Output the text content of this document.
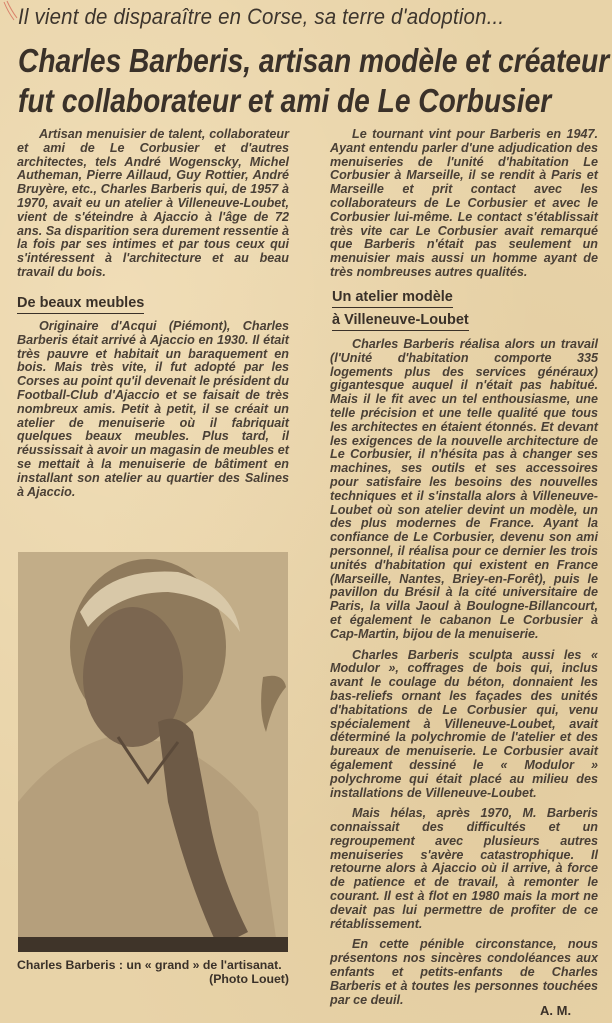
Il vient de disparaître en Corse, sa terre d'adoption...
Charles Barberis, artisan modèle et créateur
fut collaborateur et ami de Le Corbusier

Artisan menuisier de talent, collaborateur et ami de Le Corbusier et d'autres architectes, tels André Wogenscky, Michel Autheman, Pierre Aillaud, Guy Rottier, André Bruyère, etc., Charles Barberis qui, de 1957 à 1970, avait eu un atelier à Villeneuve-Loubet, vient de s'éteindre à Ajaccio à l'âge de 72 ans. Sa disparition sera durement ressentie à la fois par ses intimes et par tous ceux qui s'intéressent à l'architecture et au beau travail du bois.

De beaux meubles

Originaire d'Acqui (Piémont), Charles Barberis était arrivé à Ajaccio en 1930. Il était très pauvre et habitait un baraquement en bois. Mais très vite, il fut adopté par les Corses au point qu'il devenait le président du Football-Club d'Ajaccio et se faisait de très nombreux amis. Petit à petit, il se créait un atelier de menuiserie où il fabriquait quelques beaux meubles. Plus tard, il réussissait à avoir un magasin de meubles et se mettait à la menuiserie de bâtiment en installant son atelier au quartier des Salines à Ajaccio.

Charles Barberis : un « grand » de l'artisanat.
(Photo Louet)

Le tournant vint pour Barberis en 1947. Ayant entendu parler d'une adjudication des menuiseries de l'unité d'habitation Le Corbusier à Marseille, il se rendit à Paris et Marseille et prit contact avec les collaborateurs de Le Corbusier et avec le Corbusier lui-même. Le contact s'établissait très vite car Le Corbusier avait remarqué que Barberis n'était pas seulement un menuisier mais aussi un homme ayant de très nombreuses autres qualités.

Un atelier modèle
à Villeneuve-Loubet

Charles Barberis réalisa alors un travail (l'Unité d'habitation comporte 335 logements plus des services généraux) gigantesque auquel il n'était pas habitué. Mais il le fit avec un tel enthousiasme, une telle précision et une telle qualité que tous les architectes en étaient étonnés. Et devant les exigences de la nouvelle architecture de Le Corbusier, il n'hésita pas à changer ses machines, ses outils et ses accessoires pour satisfaire les besoins des nouvelles techniques et il s'installa alors à Villeneuve-Loubet où son atelier devint un modèle, un des plus modernes de France. Ayant la confiance de Le Corbusier, devenu son ami personnel, il réalisa pour ce dernier les trois unités d'habitation qui existent en France (Marseille, Nantes, Briey-en-Forêt), puis le pavillon du Brésil à la cité universitaire de Paris, la villa Jaoul à Boulogne-Billancourt, et également le cabanon Le Corbusier à Cap-Martin, bijou de la menuiserie.

Charles Barberis sculpta aussi les « Modulor », coffrages de bois qui, inclus avant le coulage du béton, donnaient les bas-reliefs ornant les façades des unités d'habitations de Le Corbusier qui, venu spécialement à Villeneuve-Loubet, avait déterminé la polychromie de l'atelier et des bureaux de menuiserie. Le Corbusier avait également dessiné le « Modulor » polychrome qui était placé au milieu des installations de Villeneuve-Loubet.

Mais hélas, après 1970, M. Barberis connaissait des difficultés et un regroupement avec plusieurs autres menuiseries s'avère catastrophique. Il retourne alors à Ajaccio où il arrive, à force de patience et de travail, à remonter le courant. Il est à flot en 1980 mais la mort ne devait pas lui permettre de profiter de ce rétablissement.

En cette pénible circonstance, nous présentons nos sincères condoléances aux enfants et petits-enfants de Charles Barberis et à toutes les personnes touchées par ce deuil.

A. M.
